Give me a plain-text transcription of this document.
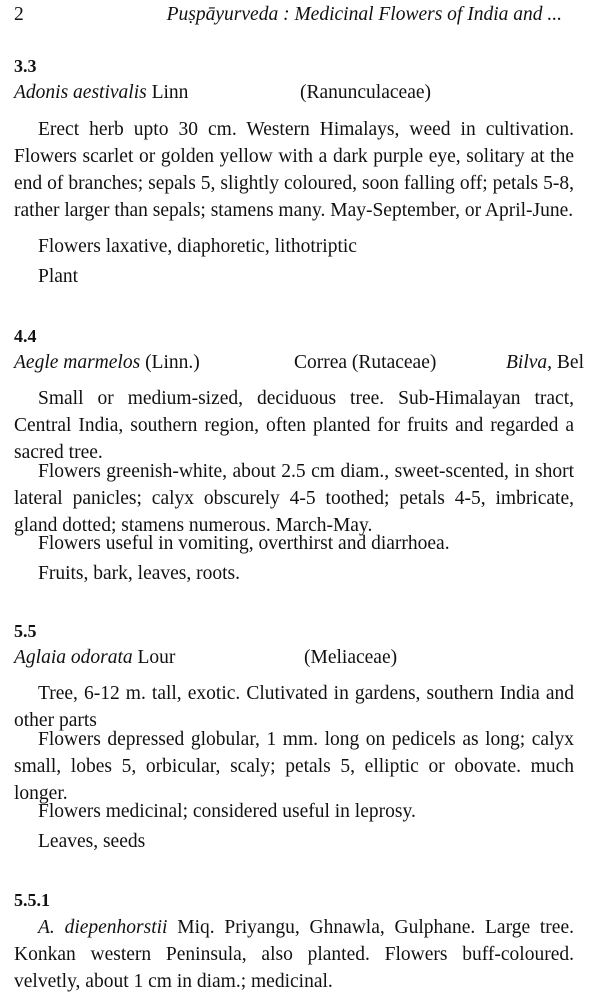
2	Puṣpāyurveda : Medicinal Flowers of India and ...
3.3
Adonis aestivalis Linn	(Ranunculaceae)
Erect herb upto 30 cm. Western Himalays, weed in cultivation. Flowers scarlet or golden yellow with a dark purple eye, solitary at the end of branches; sepals 5, slightly coloured, soon falling off; petals 5-8, rather larger than sepals; stamens many. May-September, or April-June.
Flowers laxative, diaphoretic, lithotriptic
Plant
4.4
Aegle marmelos (Linn.)	Correa (Rutaceae)	Bilva, Bel
Small or medium-sized, deciduous tree. Sub-Himalayan tract, Central India, southern region, often planted for fruits and regarded a sacred tree.
Flowers greenish-white, about 2.5 cm diam., sweet-scented, in short lateral panicles; calyx obscurely 4-5 toothed; petals 4-5, imbricate, gland dotted; stamens numerous. March-May.
Flowers useful in vomiting, overthirst and diarrhoea.
Fruits, bark, leaves, roots.
5.5
Aglaia odorata Lour	(Meliaceae)
Tree, 6-12 m. tall, exotic. Clutivated in gardens, southern India and other parts
Flowers depressed globular, 1 mm. long on pedicels as long; calyx small, lobes 5, orbicular, scaly; petals 5, elliptic or obovate. much longer.
Flowers medicinal; considered useful in leprosy.
Leaves, seeds
5.5.1
A. diepenhorstii Miq. Priyangu, Ghnawla, Gulphane. Large tree. Konkan western Peninsula, also planted. Flowers buff-coloured. velvetly, about 1 cm in diam.; medicinal.
